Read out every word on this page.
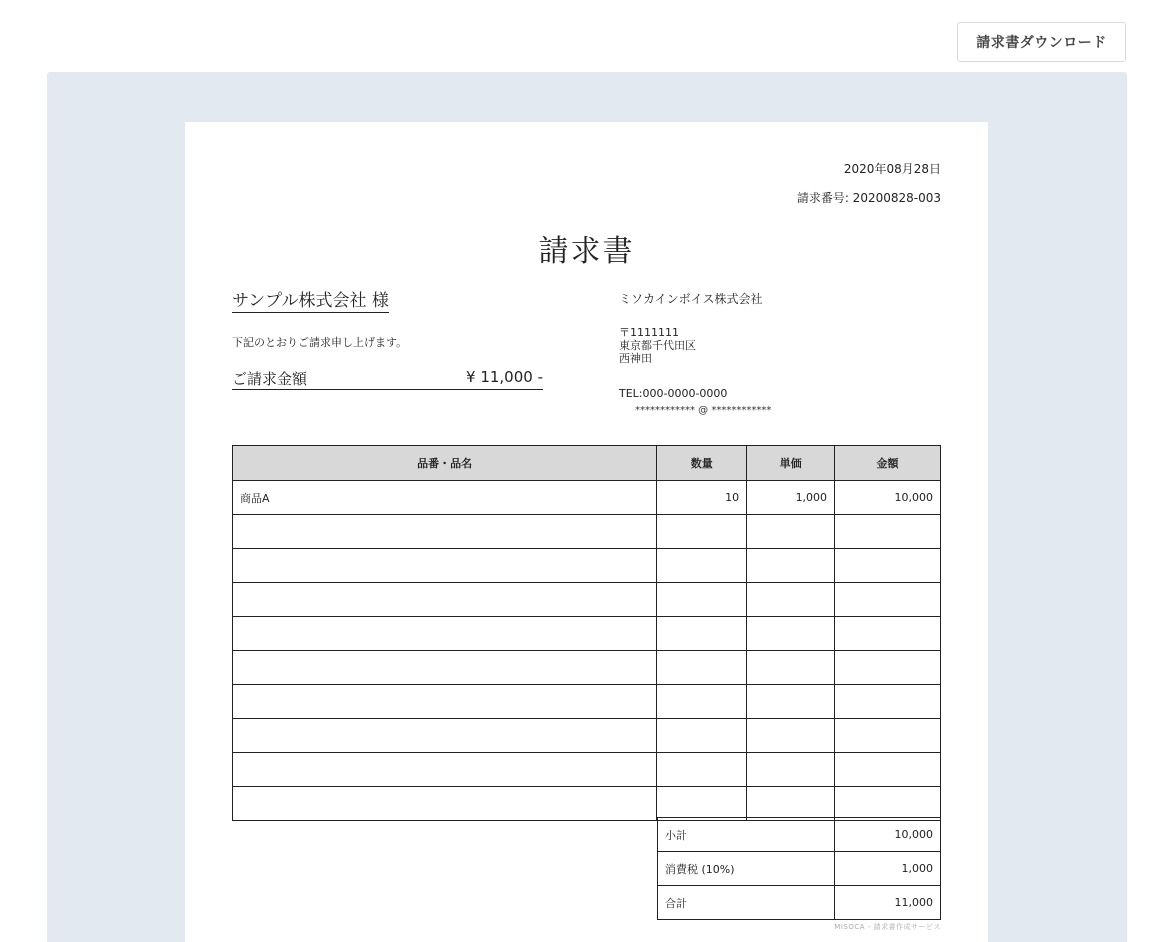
請求書ダウンロード
2020年08月28日
請求番号: 20200828-003
請求書
サンプル株式会社 様
下記のとおりご請求申し上げます。
ご請求金額	¥ 11,000 -
ミソカインボイス株式会社
〒1111111
東京都千代田区
西神田
TEL:000-0000-0000
************ @ ************
品番・品名	数量	単価	金額
商品A	10	1,000	10,000

小計	10,000
消費税 (10%)	1,000
合計	11,000
MISOCA - 請求書作成サービス
